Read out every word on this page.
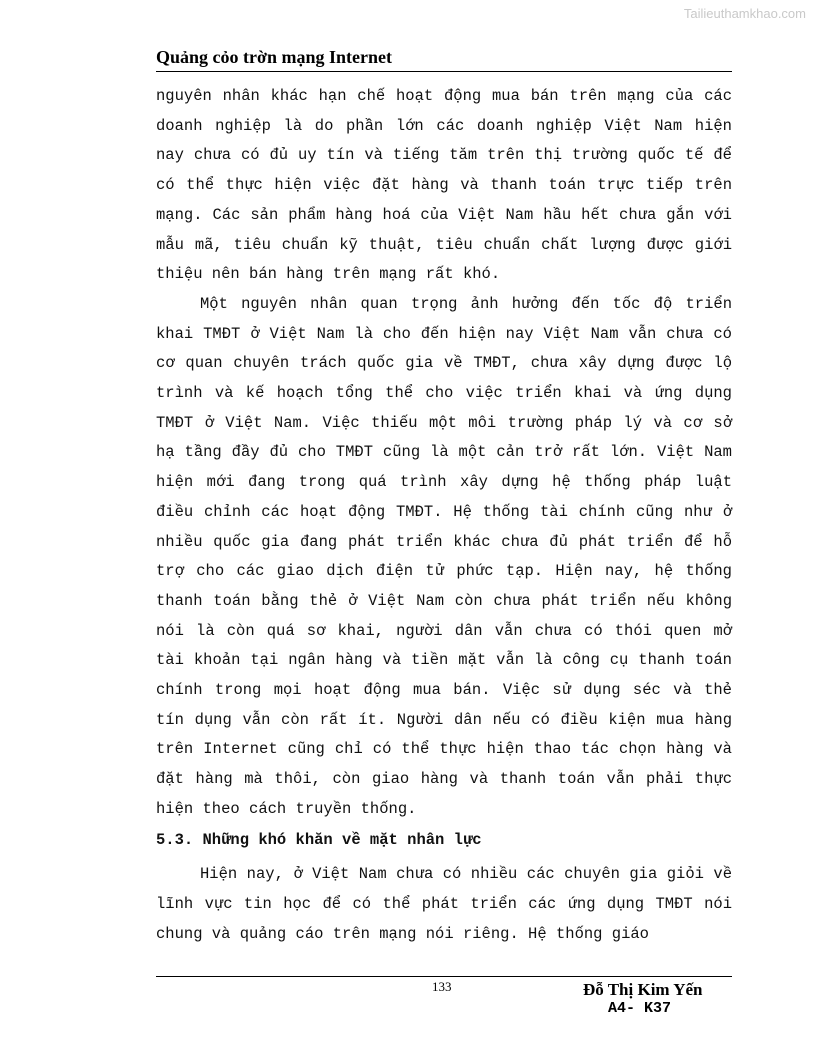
Tailieuthamkhao.com
Quảng cỏo trờn mạng Internet

nguyên nhân khác hạn chế hoạt động mua bán trên mạng của các doanh nghiệp là do phần lớn các doanh nghiệp Việt Nam hiện nay chưa có đủ uy tín và tiếng tăm trên thị trường quốc tế để có thể thực hiện việc đặt hàng và thanh toán trực tiếp trên mạng. Các sản phẩm hàng hoá của Việt Nam hầu hết chưa gắn với mẫu mã, tiêu chuẩn kỹ thuật, tiêu chuẩn chất lượng được giới thiệu nên bán hàng trên mạng rất khó.

Một nguyên nhân quan trọng ảnh hưởng đến tốc độ triển khai TMĐT ở Việt Nam là cho đến hiện nay Việt Nam vẫn chưa có cơ quan chuyên trách quốc gia về TMĐT, chưa xây dựng được lộ trình và kế hoạch tổng thể cho việc triển khai và ứng dụng TMĐT ở Việt Nam. Việc thiếu một môi trường pháp lý và cơ sở hạ tầng đầy đủ cho TMĐT cũng là một cản trở rất lớn. Việt Nam hiện mới đang trong quá trình xây dựng hệ thống pháp luật điều chỉnh các hoạt động TMĐT. Hệ thống tài chính cũng như ở nhiều quốc gia đang phát triển khác chưa đủ phát triển để hỗ trợ cho các giao dịch điện tử phức tạp. Hiện nay, hệ thống thanh toán bằng thẻ ở Việt Nam còn chưa phát triển nếu không nói là còn quá sơ khai, người dân vẫn chưa có thói quen mở tài khoản tại ngân hàng và tiền mặt vẫn là công cụ thanh toán chính trong mọi hoạt động mua bán. Việc sử dụng séc và thẻ tín dụng vẫn còn rất ít. Người dân nếu có điều kiện mua hàng trên Internet cũng chỉ có thể thực hiện thao tác chọn hàng và đặt hàng mà thôi, còn giao hàng và thanh toán vẫn phải thực hiện theo cách truyền thống.

5.3. Những khó khăn về mặt nhân lực

Hiện nay, ở Việt Nam chưa có nhiều các chuyên gia giỏi về lĩnh vực tin học để có thể phát triển các ứng dụng TMĐT nói chung và quảng cáo trên mạng nói riêng. Hệ thống giáo

133	Đỗ Thị Kim Yến
A4- K37
